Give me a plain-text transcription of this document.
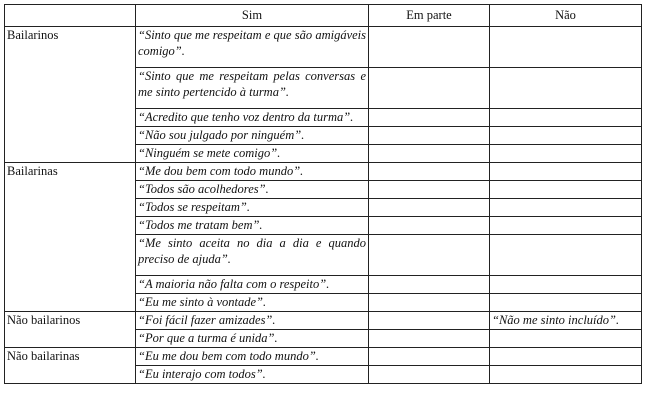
	Sim	Em parte	Não
Bailarinos	“Sinto que me respeitam e que são amigáveis comigo”.		
	“Sinto que me respeitam pelas conversas e me sinto pertencido à turma”.		
	“Acredito que tenho voz dentro da turma”.		
	“Não sou julgado por ninguém”.		
	“Ninguém se mete comigo”.		
Bailarinas	“Me dou bem com todo mundo”.		
	“Todos são acolhedores”.		
	“Todos se respeitam”.		
	“Todos me tratam bem”.		
	“Me sinto aceita no dia a dia e quando preciso de ajuda”.		
	“A maioria não falta com o respeito”.		
	“Eu me sinto à vontade”.		
Não bailarinos	“Foi fácil fazer amizades”.		“Não me sinto incluído”.
	“Por que a turma é unida”.		
Não bailarinas	“Eu me dou bem com todo mundo”.		
	“Eu interajo com todos”.		
